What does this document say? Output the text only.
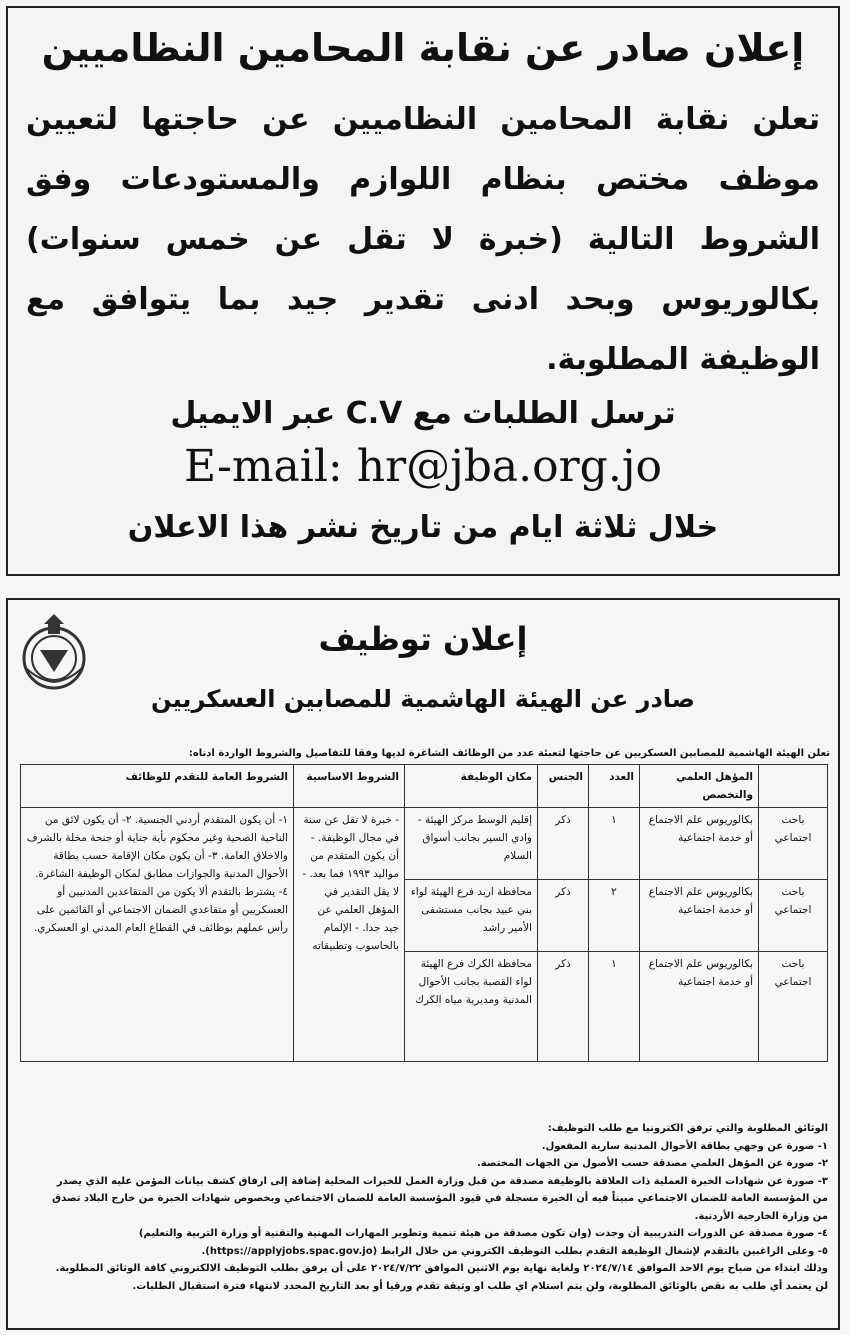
إعلان صادر عن نقابة المحامين النظاميين
تعلن نقابة المحامين النظاميين عن حاجتها لتعيين موظف مختص بنظام اللوازم والمستودعات وفق الشروط التالية (خبرة لا تقل عن خمس سنوات) بكالوريوس وبحد ادنى تقدير جيد بما يتوافق مع الوظيفة المطلوبة.
ترسل الطلبات مع C.V عبر الايميل
E-mail: hr@jba.org.jo
خلال ثلاثة ايام من تاريخ نشر هذا الاعلان
إعلان توظيف
صادر عن الهيئة الهاشمية للمصابين العسكريين
تعلن الهيئة الهاشمية للمصابين العسكريين عن حاجتها لتعبئة عدد من الوظائف الشاغرة لديها وفقا للتفاصيل والشروط الواردة أدناه:
	المؤهل العلمي والتخصص	العدد	الجنس	مكان الوظيفة	الشروط الاساسية	الشروط العامة للتقدم للوظائف
باحث اجتماعي	بكالوريوس علم الاجتماع أو خدمة اجتماعية	١	ذكر	إقليم الوسط مركز الهيئة - وادي السير بجانب أسواق السلام	- خبرة لا تقل عن سنة في مجال الوظيفة. - أن يكون المتقدم من مواليد ١٩٩٣ فما بعد. - لا يقل التقدير في المؤهل العلمي عن جيد جدا. - الإلمام بالحاسوب وتطبيقاته	١- أن يكون المتقدم أردني الجنسية. ٢- أن يكون لائق من الناحية الصحية وغير محكوم بأية جناية أو جنحة مخلة بالشرف والاخلاق العامة. ٣- أن يكون مكان الإقامة حسب بطاقة الأحوال المدنية والجوازات مطابق لمكان الوظيفة الشاغرة. ٤- يشترط بالتقدم ألا يكون من المتقاعدين المدنيين أو العسكريين أو متقاعدي الضمان الاجتماعي أو القائمين على رأس عملهم بوظائف في القطاع العام المدني او العسكري.
باحث اجتماعي	بكالوريوس علم الاجتماع أو خدمة اجتماعية	٢	ذكر	محافظة اربد فرع الهيئة لواء بني عبيد بجانب مستشفى الأمير راشد		
باحث اجتماعي	بكالوريوس علم الاجتماع أو خدمة اجتماعية	١	ذكر	محافظة الكرك فرع الهيئة لواء القصبة بجانب الأحوال المدنية ومديرية مياه الكرك		
الوثائق المطلوبة والتي ترفق الكترونيا مع طلب التوظيف:
١- صورة عن وجهي بطاقة الأحوال المدنية سارية المفعول.
٢- صورة عن المؤهل العلمي مصدقة حسب الأصول من الجهات المختصة.
٣- صورة عن شهادات الخبرة العملية ذات العلاقة بالوظيفة مصدقة من قبل وزارة العمل للخبرات المحلية إضافة إلى ارفاق كشف بيانات المؤمن عليه الذي يصدر
من المؤسسة العامة للضمان الاجتماعي مبيناً فيه أن الخبرة مسجلة في قيود المؤسسة العامة للضمان الاجتماعي وبخصوص شهادات الخبرة من خارج البلاد تصدق
من وزارة الخارجية الأردنية.
٤- صورة مصدقة عن الدورات التدريبية أن وجدت (وان تكون مصدقة من هيئة تنمية وتطوير المهارات المهنية والتقنية أو وزارة التربية والتعليم)
٥- وعلى الراغبين بالتقدم لإشغال الوظيفة التقدم بطلب التوظيف الكتروني من خلال الرابط (https://applyjobs.spac.gov.jo).
وذلك ابتداء من صباح يوم الاحد الموافق ٢٠٢٤/٧/١٤ ولغاية نهاية يوم الاثنين الموافق ٢٠٢٤/٧/٢٢ على أن يرفق بطلب التوظيف الالكتروني كافة الوثائق المطلوبة.
لن يعتمد أي طلب به نقص بالوثائق المطلوبة، ولن يتم استلام اي طلب او وثيقة تقدم ورقيا أو بعد التاريخ المحدد لانتهاء فترة استقبال الطلبات.
